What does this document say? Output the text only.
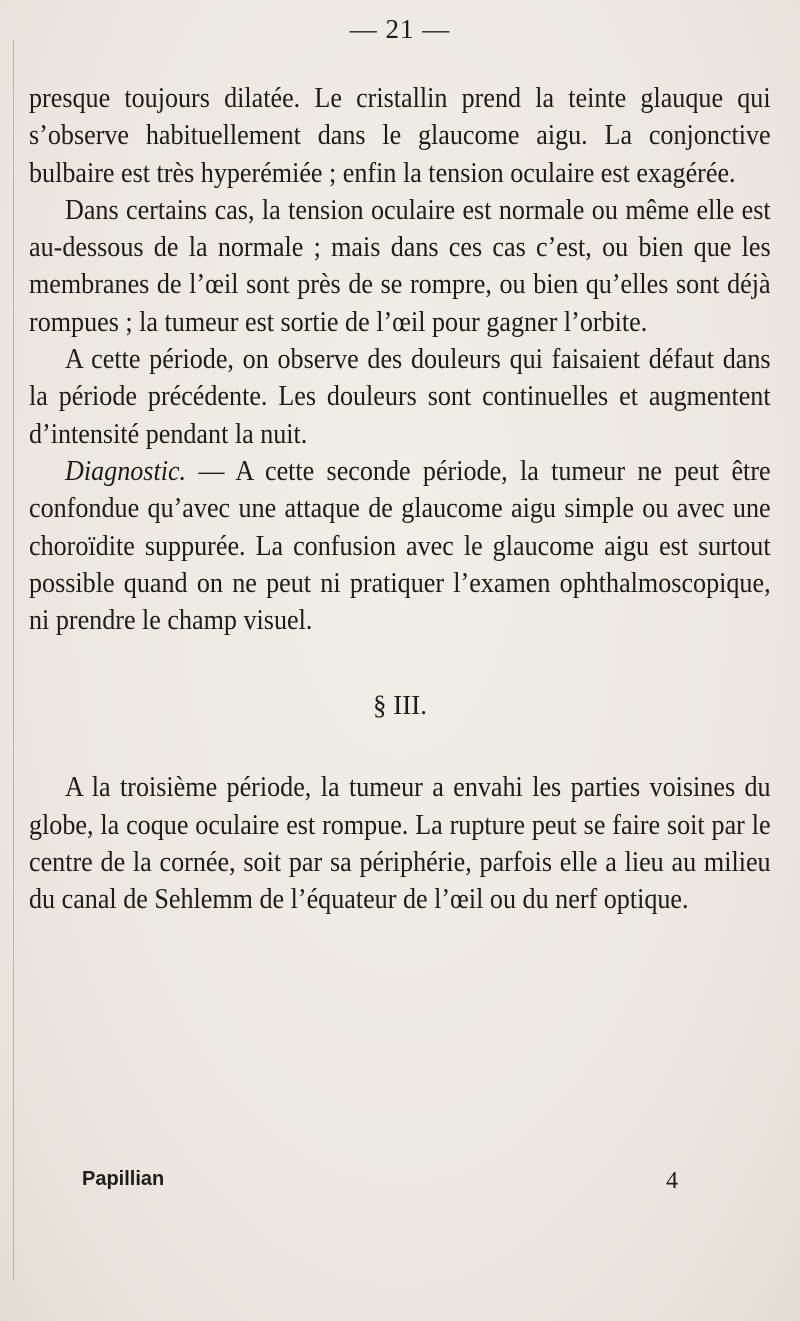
— 21 —

presque toujours dilatée. Le cristallin prend la teinte glauque qui s’observe habituellement dans le glaucome aigu. La conjonctive bulbaire est très hyperémiée ; enfin la tension oculaire est exagérée.

Dans certains cas, la tension oculaire est normale ou même elle est au-dessous de la normale ; mais dans ces cas c’est, ou bien que les membranes de l’œil sont près de se rompre, ou bien qu’elles sont déjà rompues ; la tumeur est sortie de l’œil pour gagner l’orbite.

A cette période, on observe des douleurs qui faisaient défaut dans la période précédente. Les douleurs sont continuelles et augmentent d’intensité pendant la nuit.

Diagnostic. — A cette seconde période, la tumeur ne peut être confondue qu’avec une attaque de glaucome aigu simple ou avec une choroïdite suppurée. La confusion avec le glaucome aigu est surtout possible quand on ne peut ni pratiquer l’examen ophthalmoscopique, ni prendre le champ visuel.

§ III.

A la troisième période, la tumeur a envahi les parties voisines du globe, la coque oculaire est rompue. La rupture peut se faire soit par le centre de la cornée, soit par sa périphérie, parfois elle a lieu au milieu du canal de Sehlemm de l’équateur de l’œil ou du nerf optique.

Papillian	4
